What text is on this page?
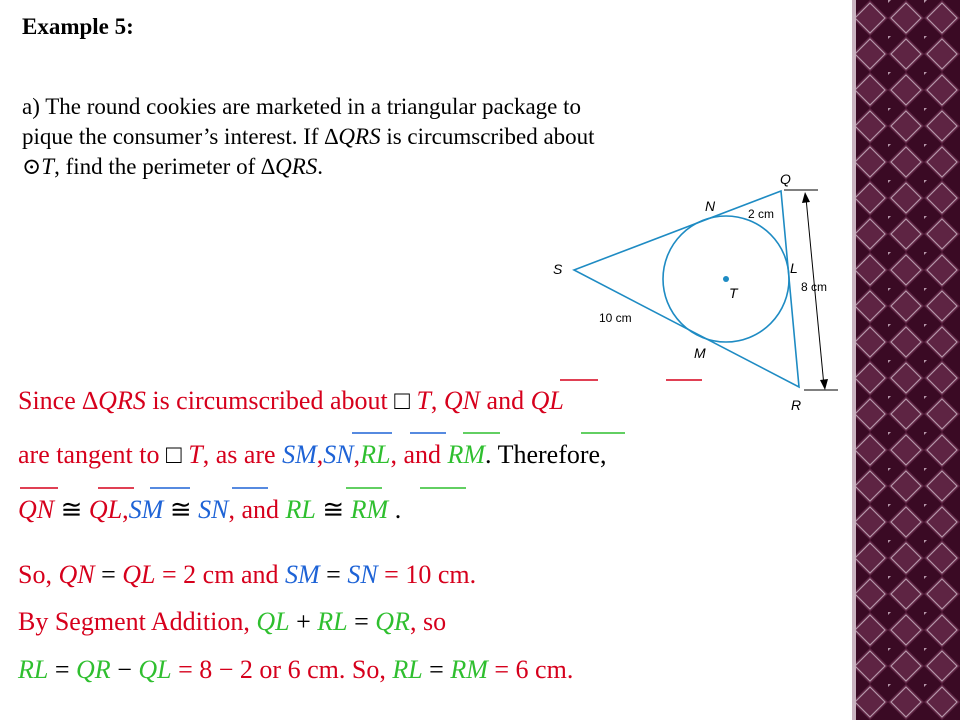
Example 5:

a) The round cookies are marketed in a triangular package to

pique the consumer’s interest. If ∆QRS is circumscribed about

⊙T, find the perimeter of ∆QRS.	Q
N
S	L
T
M
R
2 cm
8 cm
10 cm
Since ∆QRS is circumscribed about □ T, QN and QL
are tangent to □ T, as are SM,SN,RL, and RM. Therefore,
QN ≅ QL,SM ≅ SN, and RL ≅ RM .
So, QN = QL = 2 cm and SM = SN = 10 cm.
By Segment Addition, QL + RL = QR, so
RL = QR − QL = 8 − 2 or 6 cm. So, RL = RM = 6 cm.
